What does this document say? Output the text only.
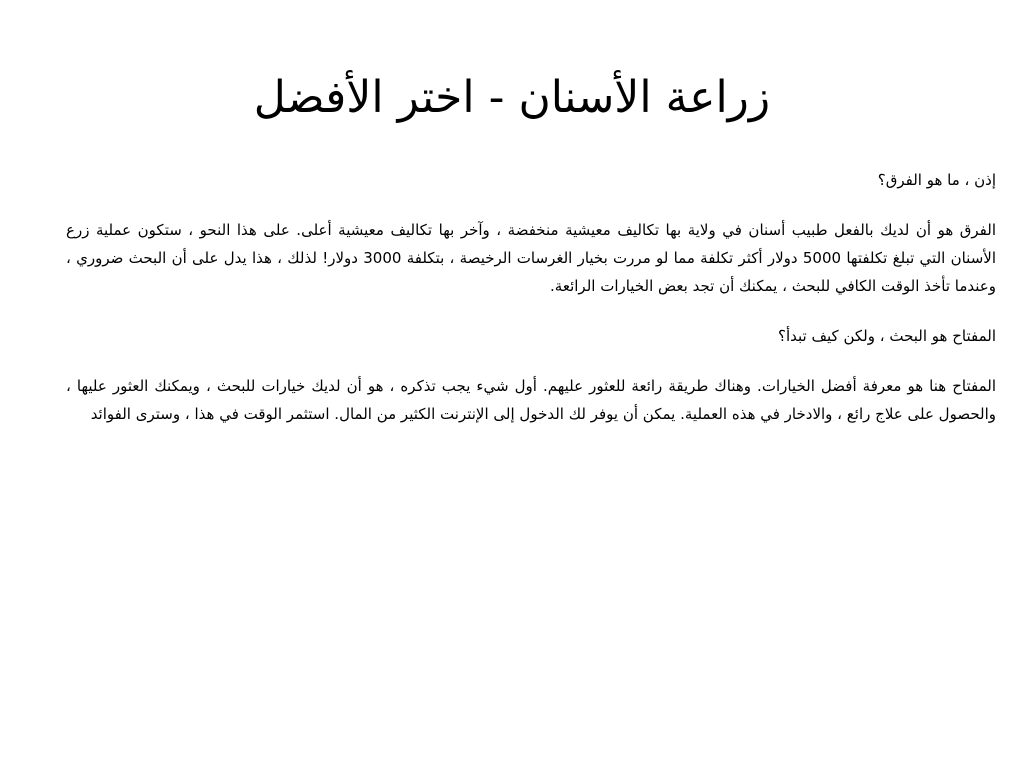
زراعة الأسنان - اختر الأفضل

إذن ، ما هو الفرق؟

الفرق هو أن لديك بالفعل طبيب أسنان في ولاية بها تكاليف معيشية منخفضة ، وآخر بها تكاليف معيشية أعلى. على هذا النحو ، ستكون عملية زرع الأسنان التي تبلغ تكلفتها 5000 دولار أكثر تكلفة مما لو مررت بخيار الغرسات الرخيصة ، بتكلفة 3000 دولار! لذلك ، هذا يدل على أن البحث ضروري ، وعندما تأخذ الوقت الكافي للبحث ، يمكنك أن تجد بعض الخيارات الرائعة.

المفتاح هو البحث ، ولكن كيف تبدأ؟

المفتاح هنا هو معرفة أفضل الخيارات. وهناك طريقة رائعة للعثور عليهم. أول شيء يجب تذكره ، هو أن لديك خيارات للبحث ، ويمكنك العثور عليها ، والحصول على علاج رائع ، والادخار في هذه العملية. يمكن أن يوفر لك الدخول إلى الإنترنت الكثير من المال. استثمر الوقت في هذا ، وسترى الفوائد
